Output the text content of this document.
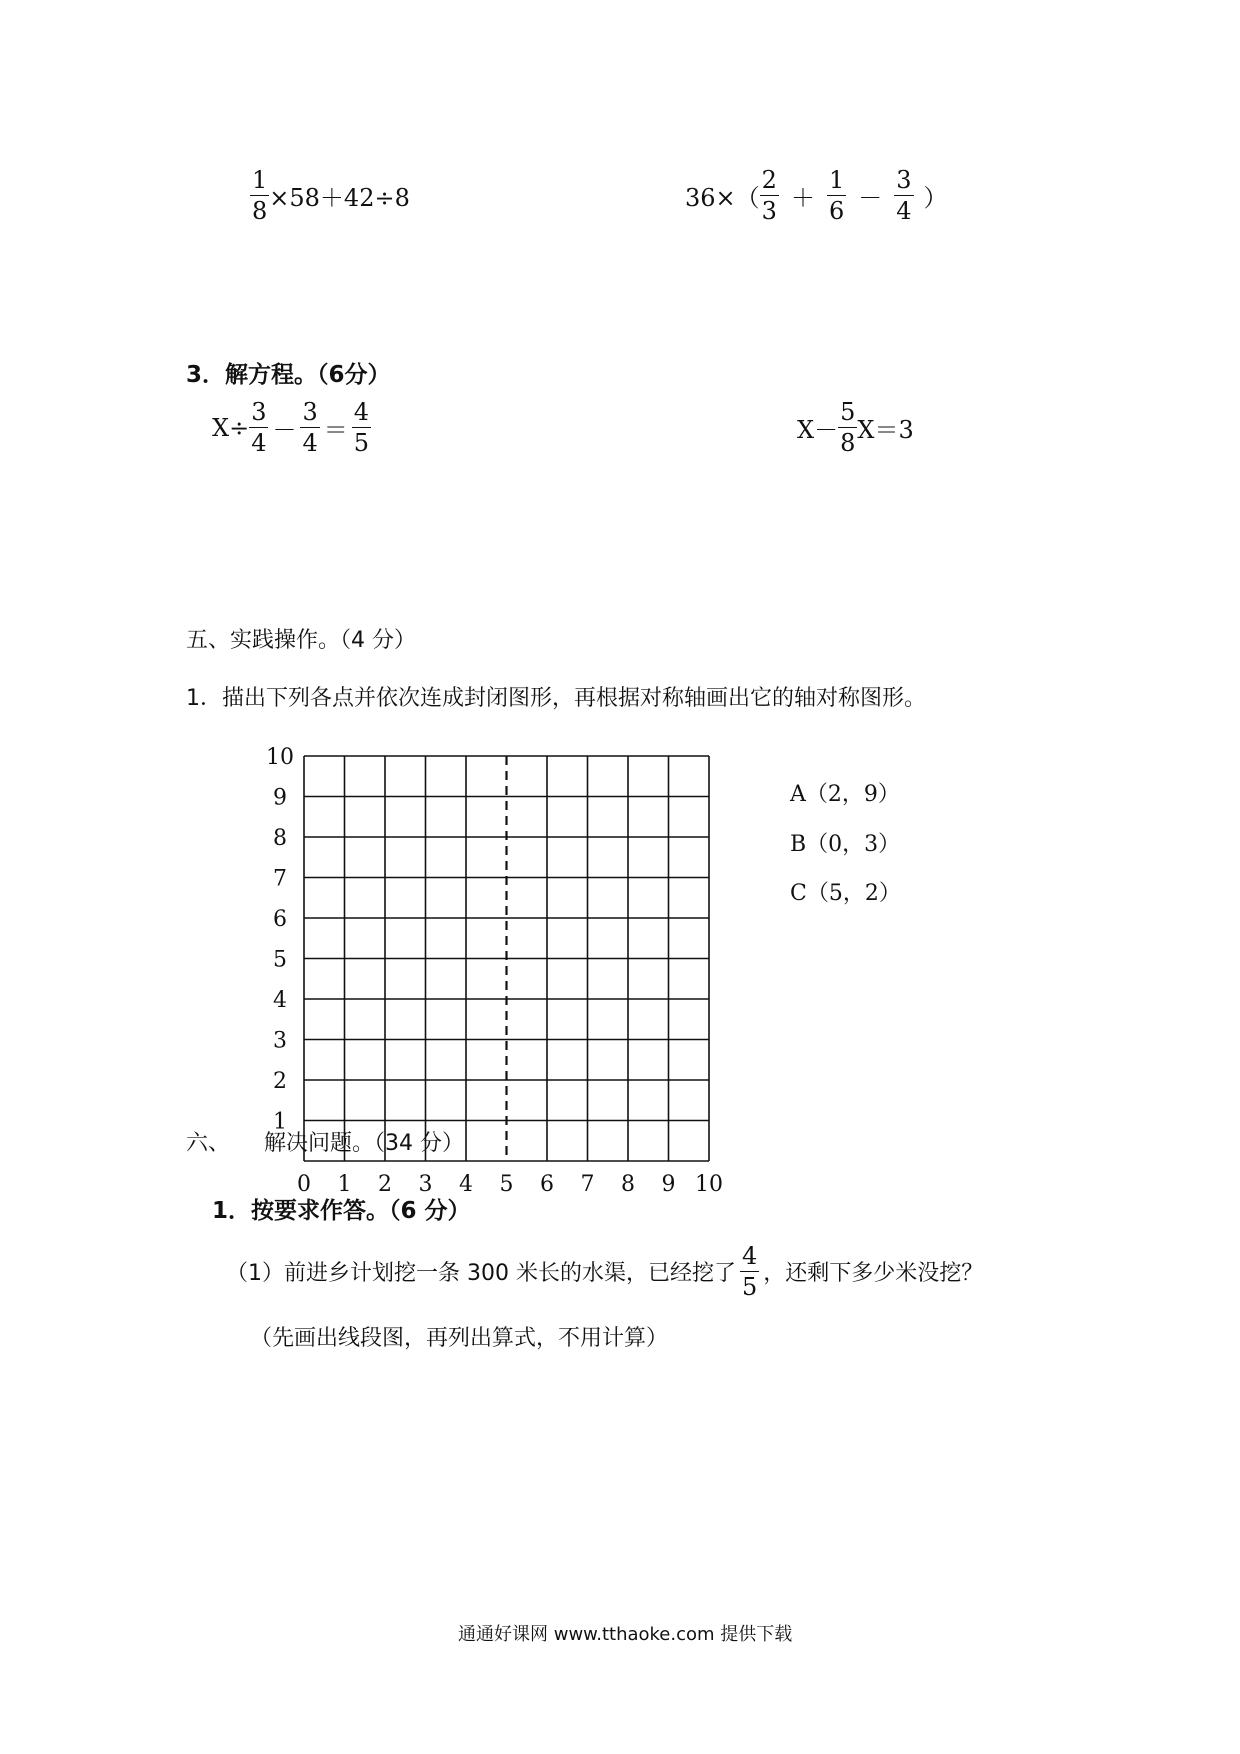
$\frac{1}{8} \times 58+42\div 8$	$36\times( \frac{2}{3} + \frac{1}{6} - \frac{3}{4}$ ）
3．解方程。（6分）
$X\div \frac{3}{4} - \frac{3}{4} = \frac{4}{5}$	$X- \frac{5}{8} X=3$
五、实践操作。（4 分）
1．描出下列各点并依次连成封闭图形，再根据对称轴画出它的轴对称图形。
0 1 2 3 4 5 6 7 8 9 10
1
2
3
4
5
6
7
8
9
10
A（2，9）
B（0，3）
C（5，2）
六、 解决问题。（34 分）
1．按要求作答。（6 分）
（1）前进乡计划挖一条 300 米长的水渠，已经挖了 $\frac{4}{5}$ ，还剩下多少米没挖？
（先画出线段图，再列出算式，不用计算）
通通好课网 www.tthaoke.com 提供下载
